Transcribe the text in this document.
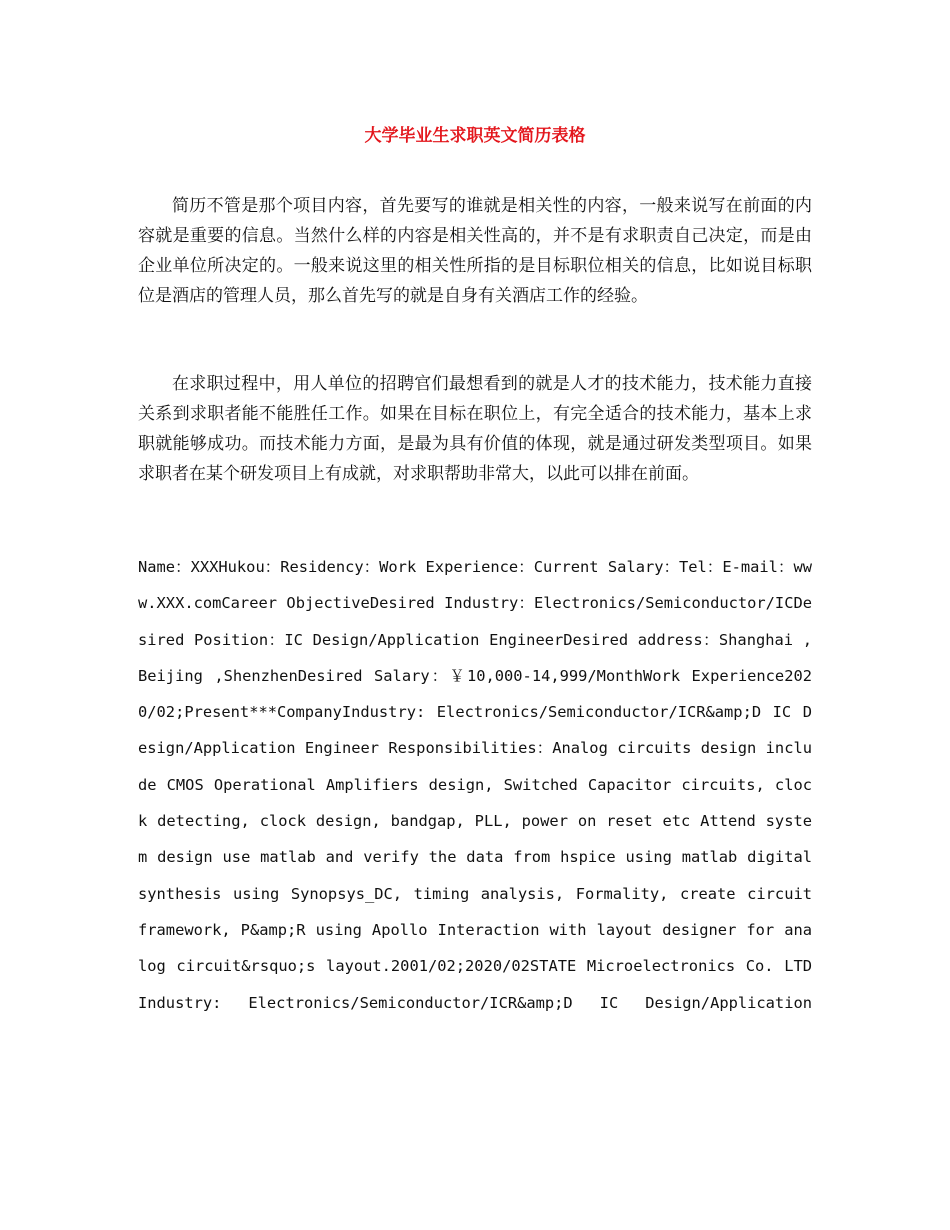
大学毕业生求职英文简历表格

简历不管是那个项目内容，首先要写的谁就是相关性的内容，一般来说写在前面的内容就是重要的信息。当然什么样的内容是相关性高的，并不是有求职责自己决定，而是由企业单位所决定的。一般来说这里的相关性所指的是目标职位相关的信息，比如说目标职位是酒店的管理人员，那么首先写的就是自身有关酒店工作的经验。

在求职过程中，用人单位的招聘官们最想看到的就是人才的技术能力，技术能力直接关系到求职者能不能胜任工作。如果在目标在职位上，有完全适合的技术能力，基本上求职就能够成功。而技术能力方面，是最为具有价值的体现，就是通过研发类型项目。如果求职者在某个研发项目上有成就，对求职帮助非常大，以此可以排在前面。

Name：XXXHukou：Residency：Work Experience：Current Salary：Tel：E-mail：www.XXX.comCareer ObjectiveDesired Industry：Electronics/Semiconductor/ICDesired Position：IC Design/Application EngineerDesired address：Shanghai ,Beijing ,ShenzhenDesired Salary：￥10,000-14,999/MonthWork Experience2020/02;Present***CompanyIndustry: Electronics/Semiconductor/ICR&amp;D IC Design/Application Engineer Responsibilities：Analog circuits design include CMOS Operational Amplifiers design, Switched Capacitor circuits, clock detecting, clock design, bandgap, PLL, power on reset etc Attend system design use matlab and verify the data from hspice using matlab digital synthesis using Synopsys_DC, timing analysis, Formality, create circuit framework, P&amp;R using Apollo Interaction with layout designer for analog circuit&rsquo;s layout.2001/02;2020/02STATE Microelectronics Co. LTDIndustry: Electronics/Semiconductor/ICR&amp;D IC Design/Application
